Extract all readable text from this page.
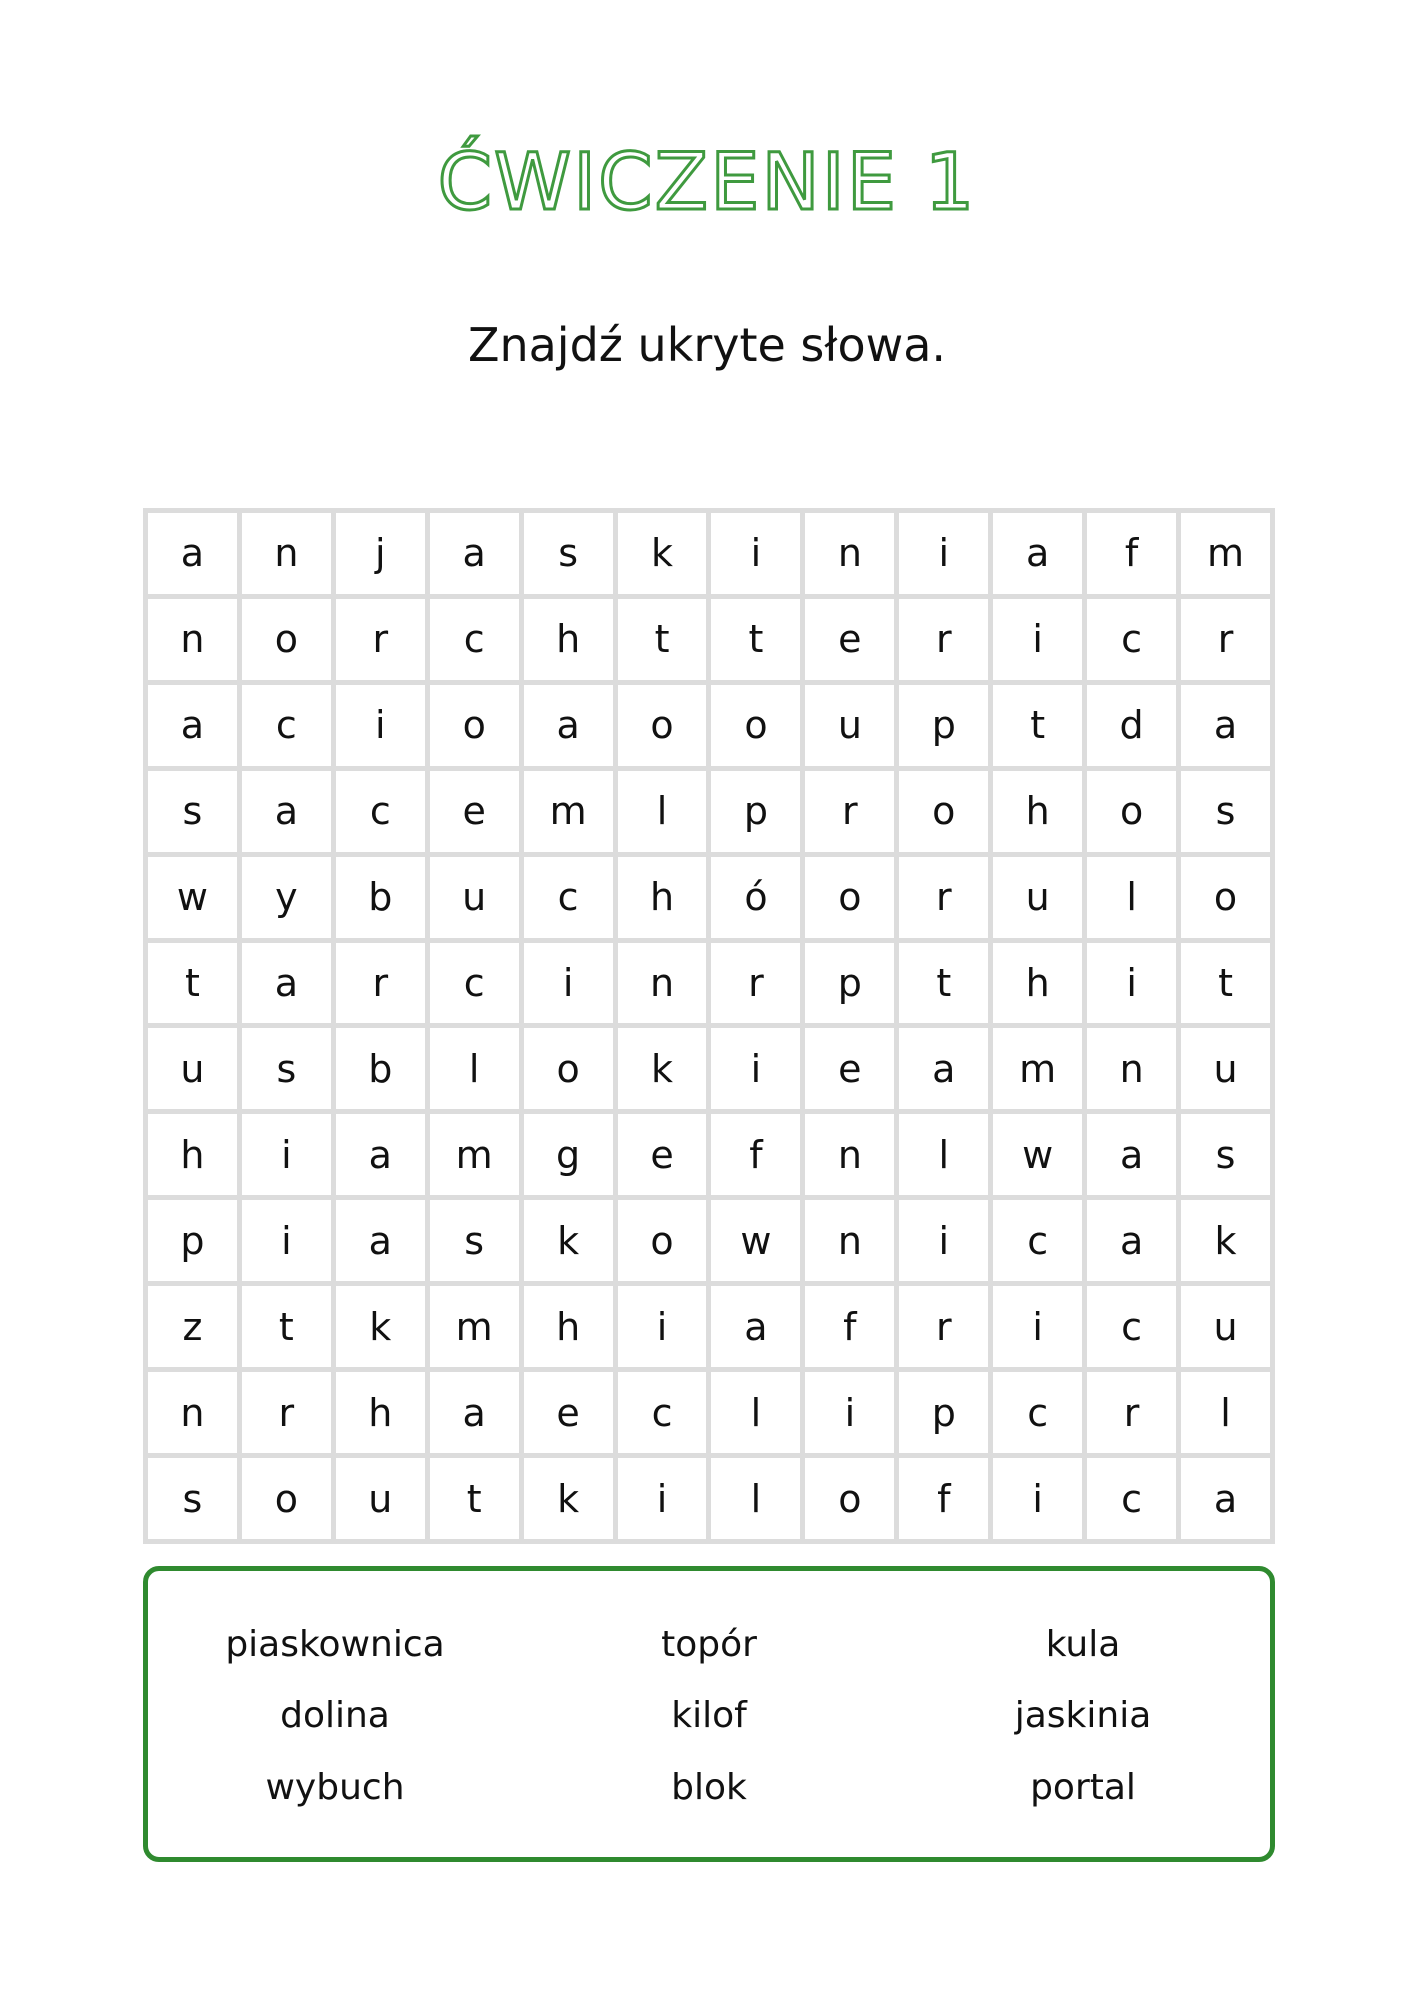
ĆWICZENIE 1
Znajdź ukryte słowa.
a	n	j	a	s	k	i	n	i	a	f	m
n	o	r	c	h	t	t	e	r	i	c	r
a	c	i	o	a	o	o	u	p	t	d	a
s	a	c	e	m	l	p	r	o	h	o	s
w	y	b	u	c	h	ó	o	r	u	l	o
t	a	r	c	i	n	r	p	t	h	i	t
u	s	b	l	o	k	i	e	a	m	n	u
h	i	a	m	g	e	f	n	l	w	a	s
p	i	a	s	k	o	w	n	i	c	a	k
z	t	k	m	h	i	a	f	r	i	c	u
n	r	h	a	e	c	l	i	p	c	r	l
s	o	u	t	k	i	l	o	f	i	c	a
piaskownica	topór	kula
dolina	kilof	jaskinia
wybuch	blok	portal
